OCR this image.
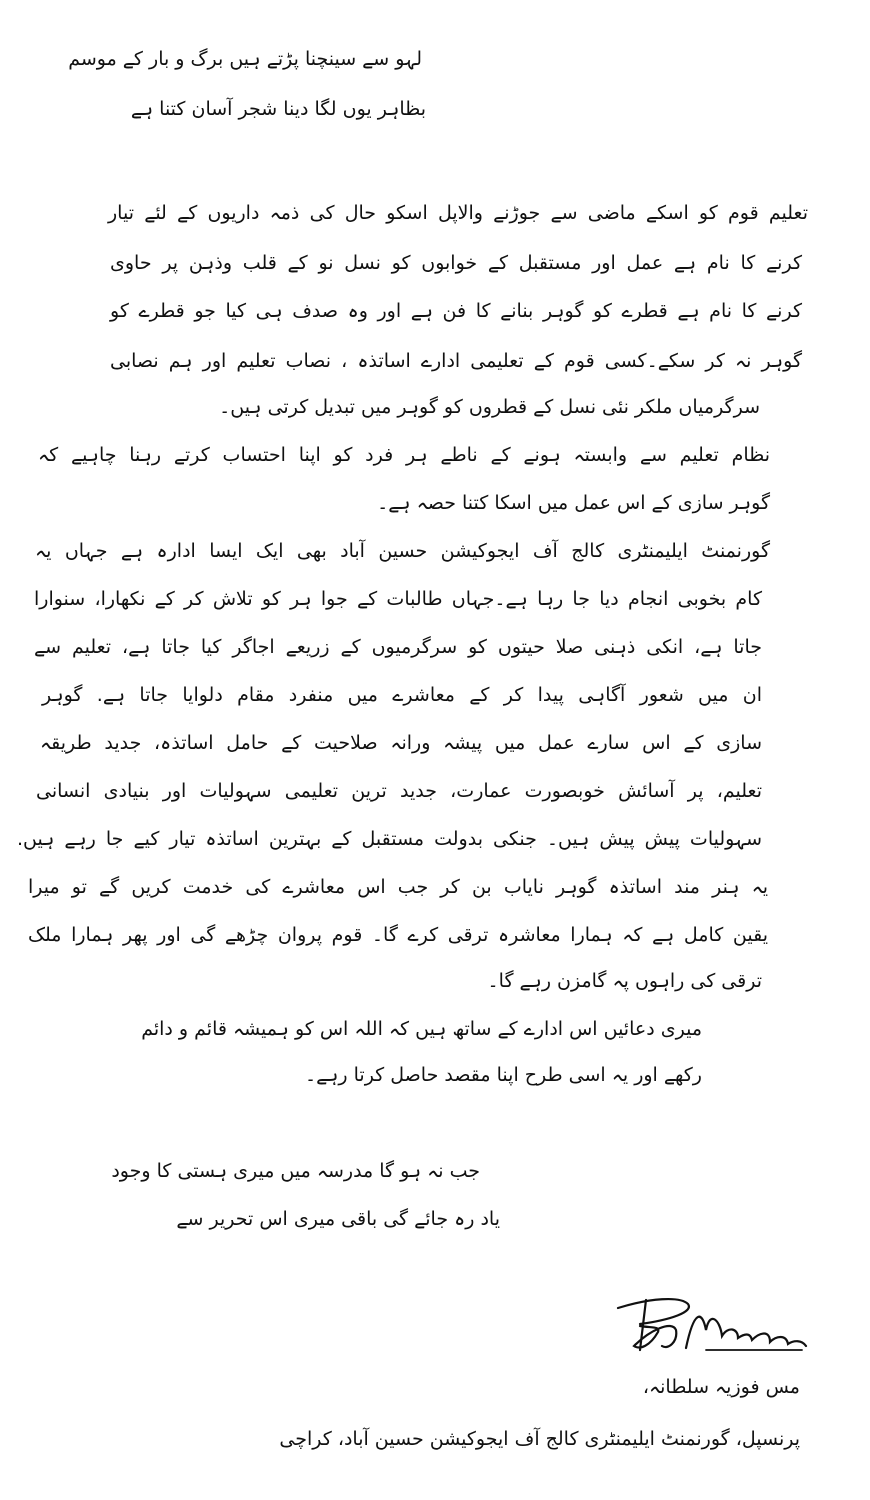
لہو سے سینچنا پڑتے ہیں برگ و بار کے موسم
بظاہر یوں لگا دینا شجر آسان کتنا ہے
تعلیم قوم کو اسکے ماضی سے جوڑنے والاپل اسکو حال کی ذمہ داریوں کے لئے تیار
کرنے کا نام ہے عمل اور مستقبل کے خوابوں کو نسل نو کے قلب وذہن پر حاوی
کرنے کا نام ہے قطرے کو گوہر بنانے کا فن ہے اور وہ صدف ہی کیا جو قطرے کو
گوہر نہ کر سکے۔کسی قوم کے تعلیمی ادارے اساتذہ ، نصاب تعلیم اور ہم نصابی
سرگرمیاں ملکر نئی نسل کے قطروں کو گوہر میں تبدیل کرتی ہیں۔
نظام تعلیم سے وابستہ ہونے کے ناطے ہر فرد کو اپنا احتساب کرتے رہنا چاہیے کہ
گوہر سازی کے اس عمل میں اسکا کتنا حصہ ہے۔
گورنمنٹ ایلیمنٹری کالج آف ایجوکیشن حسین آباد بھی ایک ایسا ادارہ ہے جہاں یہ
کام بخوبی انجام دیا جا رہا ہے۔جہاں طالبات کے جوا ہر کو تلاش کر کے نکھارا، سنوارا
جاتا ہے، انکی ذہنی صلا حیتوں کو سرگرمیوں کے زریعے اجاگر کیا جاتا ہے، تعلیم سے
ان میں شعور آگاہی پیدا کر کے معاشرے میں منفرد مقام دلوایا جاتا ہے. گوہر
سازی کے اس سارے عمل میں پیشہ ورانہ صلاحیت کے حامل اساتذہ، جدید طریقہ
تعلیم، پر آسائش خوبصورت عمارت، جدید ترین تعلیمی سہولیات اور بنیادی انسانی
سہولیات پیش پیش ہیں۔ جنکی بدولت مستقبل کے بہترین اساتذہ تیار کیے جا رہے ہیں.
یہ ہنر مند اساتذہ گوہر نایاب بن کر جب اس معاشرے کی خدمت کریں گے تو میرا
یقین کامل ہے کہ ہمارا معاشرہ ترقی کرے گا۔ قوم پروان چڑھے گی اور پھر ہمارا ملک
ترقی کی راہوں پہ گامزن رہے گا۔
میری دعائیں اس ادارے کے ساتھ ہیں کہ اللہ اس کو ہمیشہ قائم و دائم
رکھے اور یہ اسی طرح اپنا مقصد حاصل کرتا رہے۔
جب نہ ہو گا مدرسہ میں میری ہستی کا وجود
یاد رہ جائے گی باقی میری اس تحریر سے
مس فوزیہ سلطانہ،
پرنسپل، گورنمنٹ ایلیمنٹری کالج آف ایجوکیشن حسین آباد، کراچی
